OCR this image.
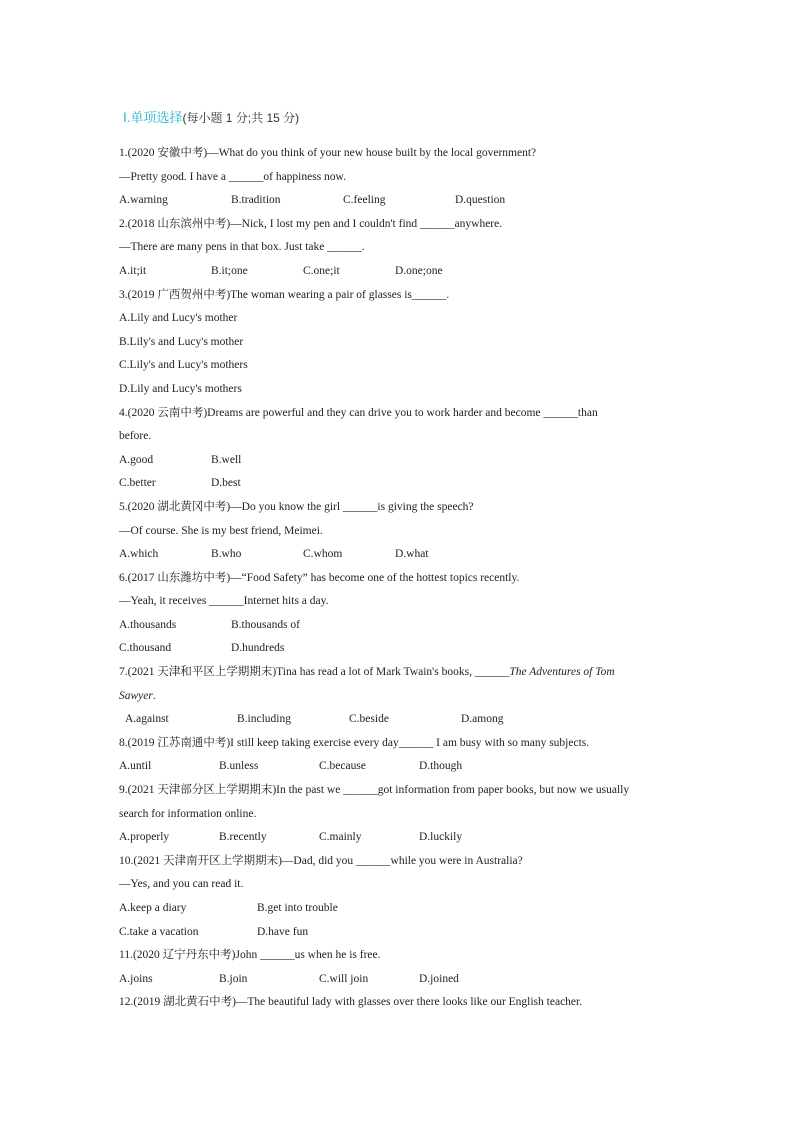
Ⅰ.单项选择(每小题 1 分;共 15 分)
1.(2020 安徽中考)—What do you think of your new house built by the local government?
—Pretty good. I have a ______of happiness now.
A.warning	B.tradition	C.feeling	D.question
2.(2018 山东滨州中考)—Nick, I lost my pen and I couldn't find ______anywhere.
—There are many pens in that box. Just take ______.
A.it;it	B.it;one	C.one;it	D.one;one
3.(2019 广西贺州中考)The woman wearing a pair of glasses is______.
A.Lily and Lucy's mother
B.Lily's and Lucy's mother
C.Lily's and Lucy's mothers
D.Lily and Lucy's mothers
4.(2020 云南中考)Dreams are powerful and they can drive you to work harder and become ______than
before.
A.good	B.well
C.better	D.best
5.(2020 湖北黄冈中考)—Do you know the girl ______is giving the speech?
—Of course. She is my best friend, Meimei.
A.which	B.who	C.whom	D.what
6.(2017 山东潍坊中考)—“Food Safety” has become one of the hottest topics recently.
—Yeah, it receives ______Internet hits a day.
A.thousands	B.thousands of
C.thousand	D.hundreds
7.(2021 天津和平区上学期期末)Tina has read a lot of Mark Twain's books, ______The Adventures of Tom
Sawyer.
A.against	B.including	C.beside	D.among
8.(2019 江苏南通中考)I still keep taking exercise every day______ I am busy with so many subjects.
A.until	B.unless	C.because	D.though
9.(2021 天津部分区上学期期末)In the past we ______got information from paper books, but now we usually
search for information online.
A.properly	B.recently	C.mainly	D.luckily
10.(2021 天津南开区上学期期末)—Dad, did you ______while you were in Australia?
—Yes, and you can read it.
A.keep a diary	B.get into trouble
C.take a vacation	D.have fun
11.(2020 辽宁丹东中考)John ______us when he is free.
A.joins	B.join	C.will join	D.joined
12.(2019 湖北黄石中考)—The beautiful lady with glasses over there looks like our English teacher.
